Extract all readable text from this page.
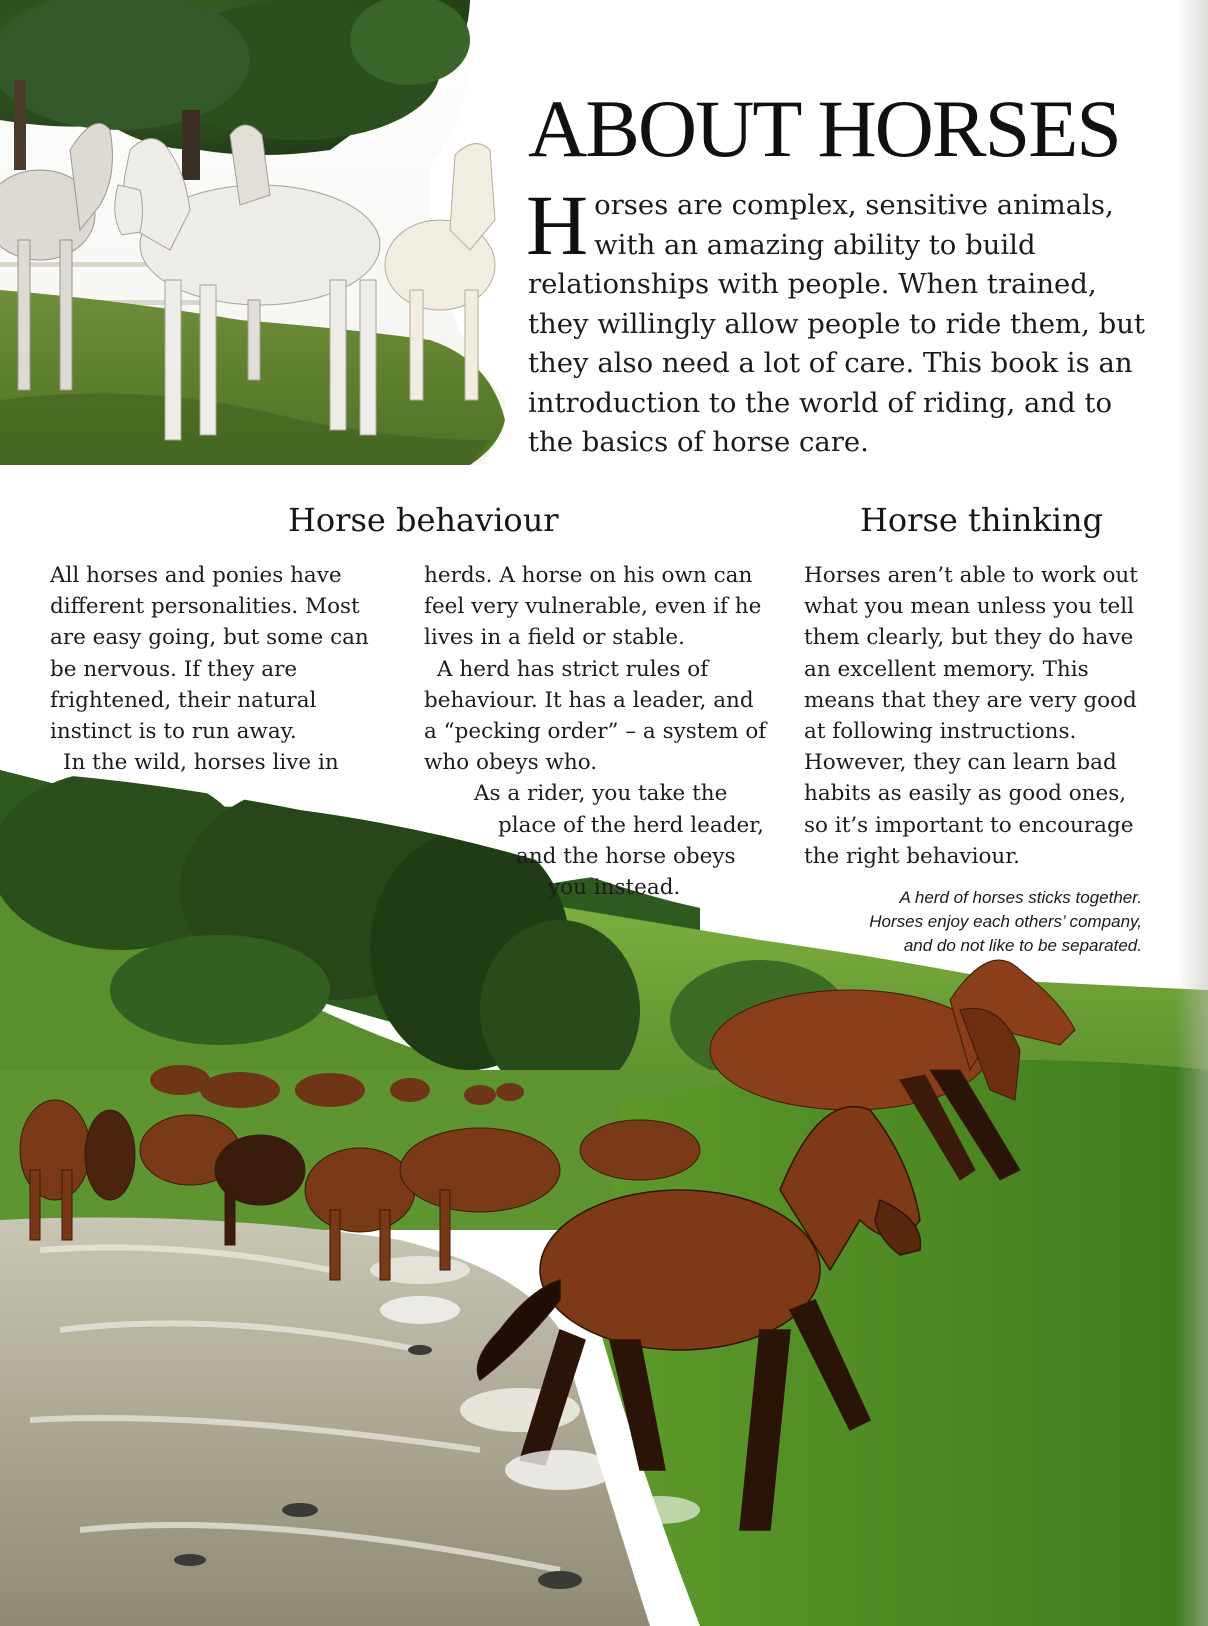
ABOUT HORSES
Horses are complex, sensitive animals, with an amazing ability to build relationships with people. When trained, they willingly allow people to ride them, but they also need a lot of care. This book is an introduction to the world of riding, and to the basics of horse care.
Horse behaviour	Horse thinking

All horses and ponies have different personalities. Most are easy going, but some can be nervous. If they are frightened, their natural instinct is to run away.

In the wild, horses live in

herds. A horse on his own can feel very vulnerable, even if he lives in a field or stable.

A herd has strict rules of behaviour. It has a leader, and a “pecking order” – a system of who obeys who.

As a rider, you take the
place of the herd leader,
and the horse obeys
you instead.

Horses aren’t able to work out what you mean unless you tell them clearly, but they do have an excellent memory. This means that they are very good at following instructions. However, they can learn bad habits as easily as good ones, so it’s important to encourage the right behaviour.

A herd of horses sticks together.
Horses enjoy each others’ company,
and do not like to be separated.
